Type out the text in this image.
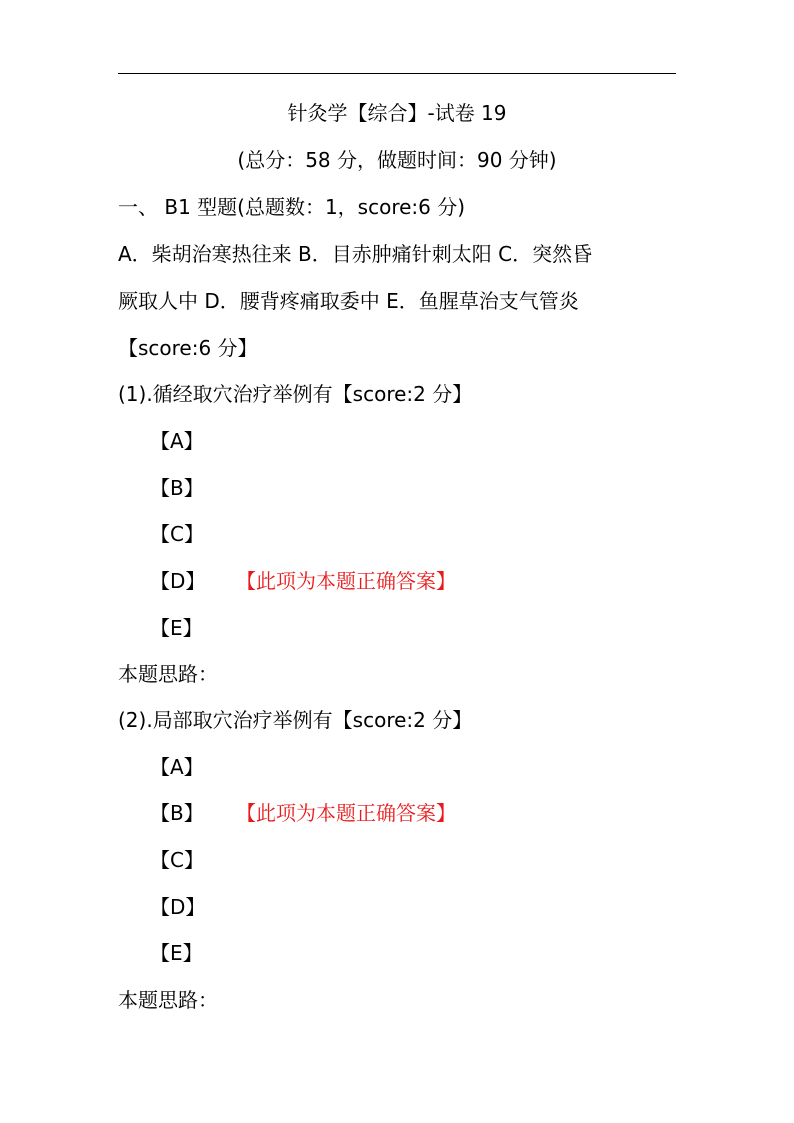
针灸学【综合】-试卷 19
(总分：58 分，做题时间：90 分钟)
一、 B1 型题(总题数：1，score:6 分)
A．柴胡治寒热往来 B．目赤肿痛针刺太阳 C．突然昏
厥取人中 D．腰背疼痛取委中 E．鱼腥草治支气管炎
【score:6 分】
(1).循经取穴治疗举例有【score:2 分】
【A】
【B】
【C】
【D】 【此项为本题正确答案】
【E】
本题思路：
(2).局部取穴治疗举例有【score:2 分】
【A】
【B】 【此项为本题正确答案】
【C】
【D】
【E】
本题思路：
